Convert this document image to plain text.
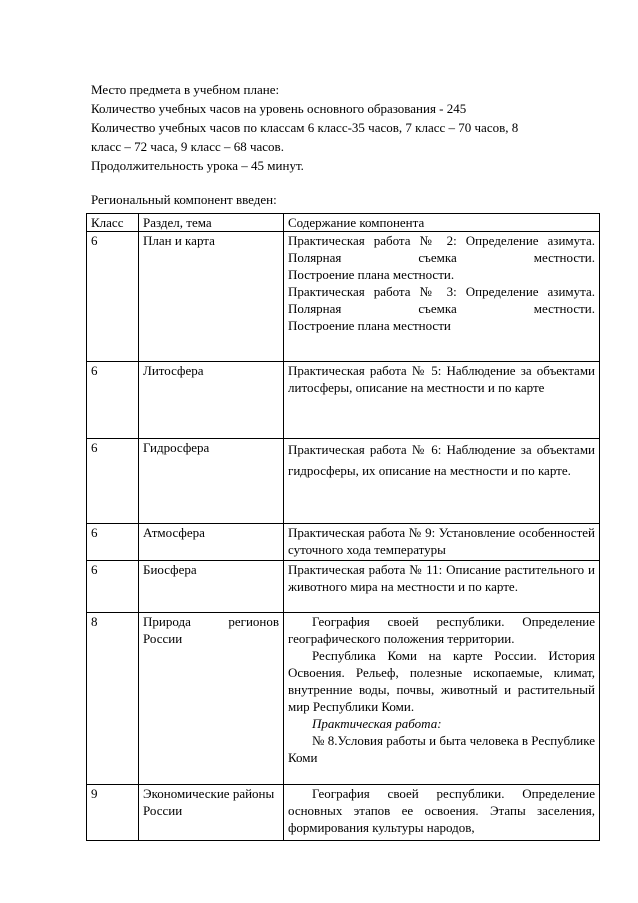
Место предмета в учебном плане:
Количество учебных часов на уровень основного образования - 245
Количество учебных часов по классам 6 класс-35 часов, 7 класс – 70 часов, 8
класс – 72 часа, 9 класс – 68 часов.
Продолжительность урока – 45 минут.
Региональный компонент введен:
Класс	Раздел, тема	Содержание компонента
6	План и карта	Практическая работа № 2: Определение азимута. Полярная съемка местности.

Построение плана местности.

Практическая работа № 3: Определение азимута. Полярная съемка местности.

Построение плана местности

6	Литосфера	Практическая работа № 5: Наблюдение за объектами литосферы, описание на местности и по карте

6	Гидросфера	Практическая работа № 6: Наблюдение за объектами гидросферы, их описание на местности и по карте.

6	Атмосфера	Практическая работа № 9: Установление особенностей суточного хода температуры

6	Биосфера	Практическая работа № 11: Описание растительного и животного мира на местности и по карте.

8	Природа регионов России	География своей республики. Определение географического положения территории.

Республика Коми на карте России. История Освоения. Рельеф, полезные ископаемые, климат, внутренние воды, почвы, животный и растительный мир Республики Коми.

Практическая работа:

№ 8.Условия работы и быта человека в Республике Коми

9	Экономические районы России	География своей республики. Определение основных этапов ее освоения. Этапы заселения, формирования культуры народов,
